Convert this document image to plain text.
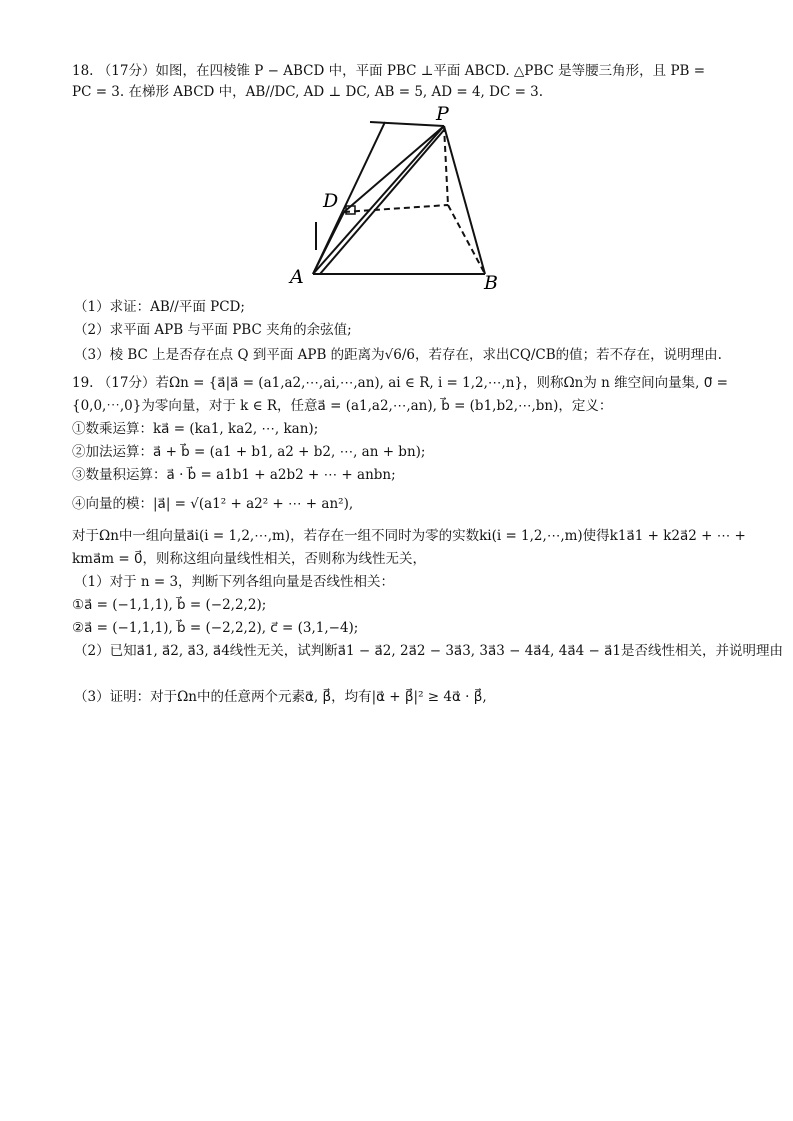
18. （17分）如图，在四棱锥 P − ABCD 中，平面 PBC ⊥平面 ABCD. △PBC 是等腰三角形，且 PB =
PC = 3. 在梯形 ABCD 中，AB//DC, AD ⊥ DC, AB = 5, AD = 4, DC = 3.
P
D
A	B
（1）求证：AB//平面 PCD;
（2）求平面 APB 与平面 PBC 夹角的余弦值;
（3）棱 BC 上是否存在点 Q 到平面 APB 的距离为√6/6，若存在，求出CQ/CB的值；若不存在，说明理由.
19. （17分）若Ωn = {a⃗|a⃗ = (a1,a2,⋯,ai,⋯,an), ai ∈ R, i = 1,2,⋯,n}，则称Ωn为 n 维空间向量集, 0⃗ =
{0,0,⋯,0}为零向量，对于 k ∈ R，任意a⃗ = (a1,a2,⋯,an), b⃗ = (b1,b2,⋯,bn)，定义：
①数乘运算：ka⃗ = (ka1, ka2, ⋯, kan);
②加法运算：a⃗ + b⃗ = (a1 + b1, a2 + b2, ⋯, an + bn);
③数量积运算：a⃗ · b⃗ = a1b1 + a2b2 + ⋯ + anbn;
④向量的模：|a⃗| = √(a1² + a2² + ⋯ + an²),
对于Ωn中一组向量a⃗i(i = 1,2,⋯,m)，若存在一组不同时为零的实数ki(i = 1,2,⋯,m)使得k1a⃗1 + k2a⃗2 + ⋯ +
kma⃗m = 0⃗，则称这组向量线性相关，否则称为线性无关，
（1）对于 n = 3，判断下列各组向量是否线性相关：
①a⃗ = (−1,1,1), b⃗ = (−2,2,2);
②a⃗ = (−1,1,1), b⃗ = (−2,2,2), c⃗ = (3,1,−4);
（2）已知a⃗1, a⃗2, a⃗3, a⃗4线性无关，试判断a⃗1 − a⃗2, 2a⃗2 − 3a⃗3, 3a⃗3 − 4a⃗4, 4a⃗4 − a⃗1是否线性相关，并说明理由
（3）证明：对于Ωn中的任意两个元素α⃗, β⃗，均有|α⃗ + β⃗|² ≥ 4α⃗ · β⃗,
